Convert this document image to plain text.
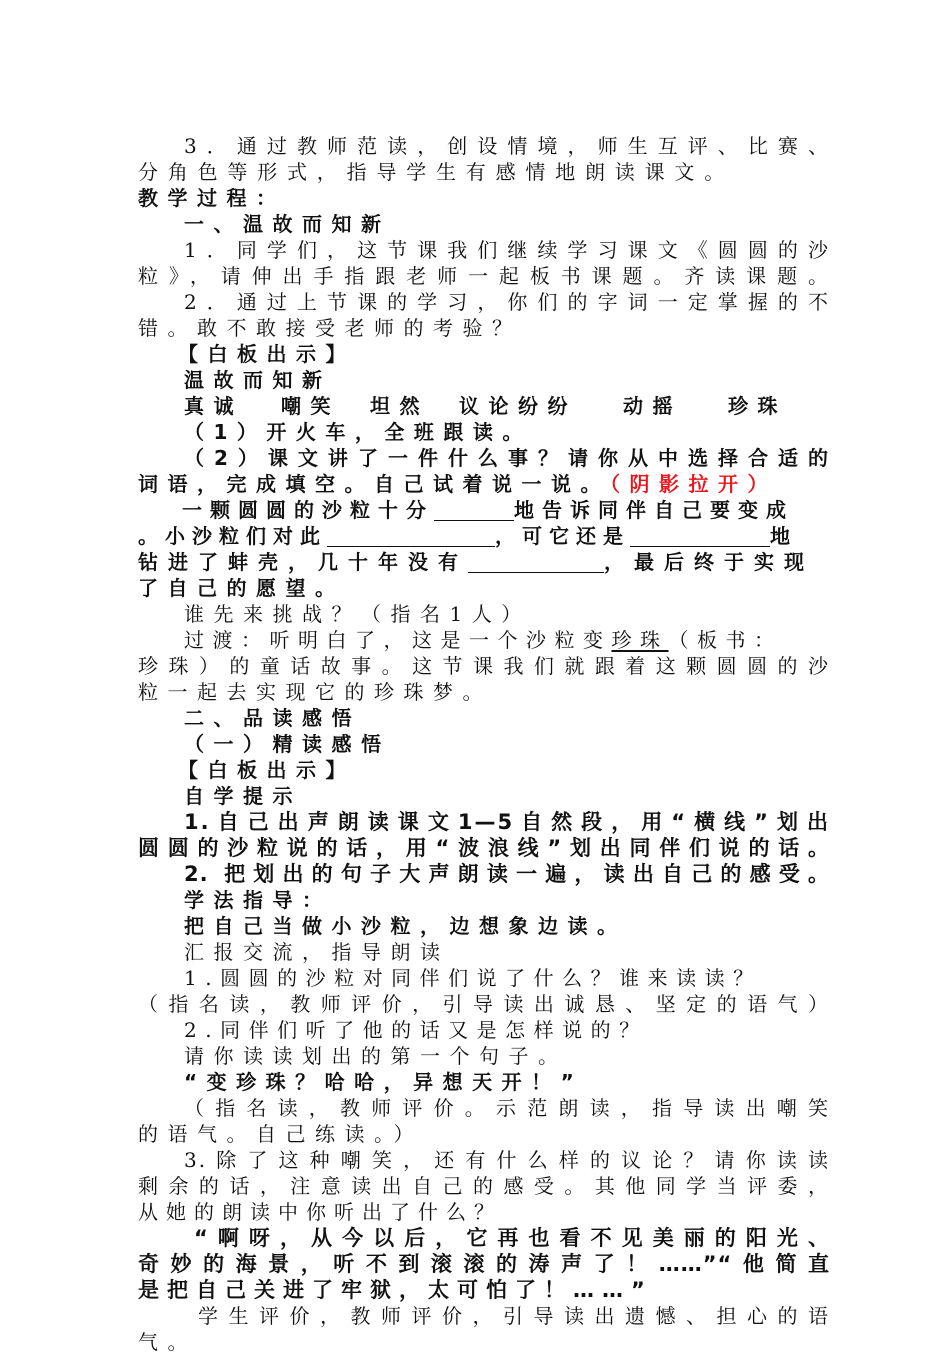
3．通过教师范读，创设情境，师生互评、比赛、
分角色等形式，指导学生有感情地朗读课文。
教学过程：
一、温故而知新
1．同学们，这节课我们继续学习课文《圆圆的沙
粒》，请伸出手指跟老师一起板书课题。齐读课题。
2．通过上节课的学习，你们的字词一定掌握的不
错。敢不敢接受老师的考验？
【白板出示】
温故而知新
真诚 嘲笑 坦然 议论纷纷 动摇 珍珠
（1）开火车，全班跟读。
（2）课文讲了一件什么事？请你从中选择合适的
词语，完成填空。自己试着说一说。（阴影拉开）
一颗圆圆的沙粒十分	地告诉同伴自己要变成
。小沙粒们对此	，可它还是	地
钻进了蚌壳，几十年没有	，最后终于实现
了自己的愿望。
谁先来挑战？（指名1人）
过渡：听明白了，这是一个沙粒变珍珠（板书：
珍珠）的童话故事。这节课我们就跟着这颗圆圆的沙
粒一起去实现它的珍珠梦。
二、品读感悟
（一）精读感悟
【白板出示】
自学提示
1.自己出声朗读课文1—5自然段，用“横线”划出
圆圆的沙粒说的话，用“波浪线”划出同伴们说的话。
2. 把划出的句子大声朗读一遍，读出自己的感受。
学法指导：
把自己当做小沙粒，边想象边读。
汇报交流，指导朗读
1.圆圆的沙粒对同伴们说了什么？谁来读读？
（指名读，教师评价，引导读出诚恳、坚定的语气）
2.同伴们听了他的话又是怎样说的？
请你读读划出的第一个句子。
“变珍珠？哈哈，异想天开！”
（指名读，教师评价。示范朗读，指导读出嘲笑
的语气。自己练读。）
3.除了这种嘲笑，还有什么样的议论？请你读读
剩余的话，注意读出自己的感受。其他同学当评委，
从她的朗读中你听出了什么？
“啊呀，从今以后，它再也看不见美丽的阳光、
奇妙的海景，听不到滚滚的涛声了！……”“他简直
是把自己关进了牢狱，太可怕了！……”
学生评价，教师评价，引导读出遗憾、担心的语
气。
